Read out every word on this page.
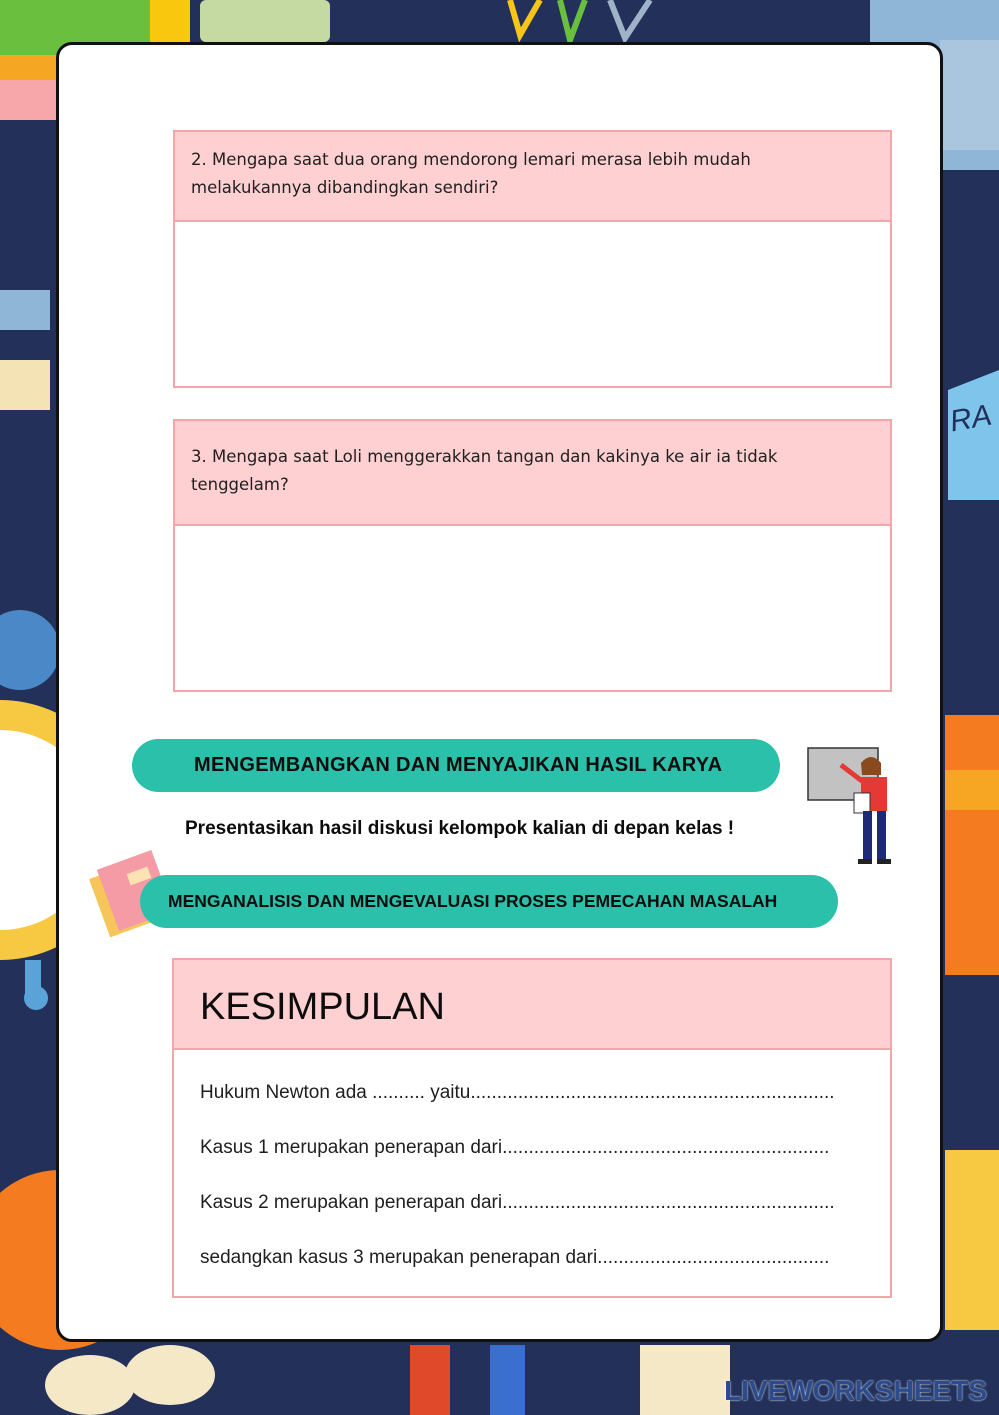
RA
2. Mengapa saat dua orang mendorong lemari merasa lebih mudah melakukannya dibandingkan sendiri?
3. Mengapa saat Loli menggerakkan tangan dan kakinya ke air ia tidak tenggelam?
MENGEMBANGKAN DAN MENYAJIKAN HASIL KARYA
Presentasikan hasil diskusi kelompok kalian di depan kelas !
MENGANALISIS DAN MENGEVALUASI PROSES PEMECAHAN MASALAH
KESIMPULAN
Hukum Newton ada .......... yaitu.....................................................................
Kasus 1 merupakan penerapan dari..............................................................
Kasus 2 merupakan penerapan dari...............................................................
sedangkan kasus 3 merupakan penerapan dari............................................
LIVEWORKSHEETS
